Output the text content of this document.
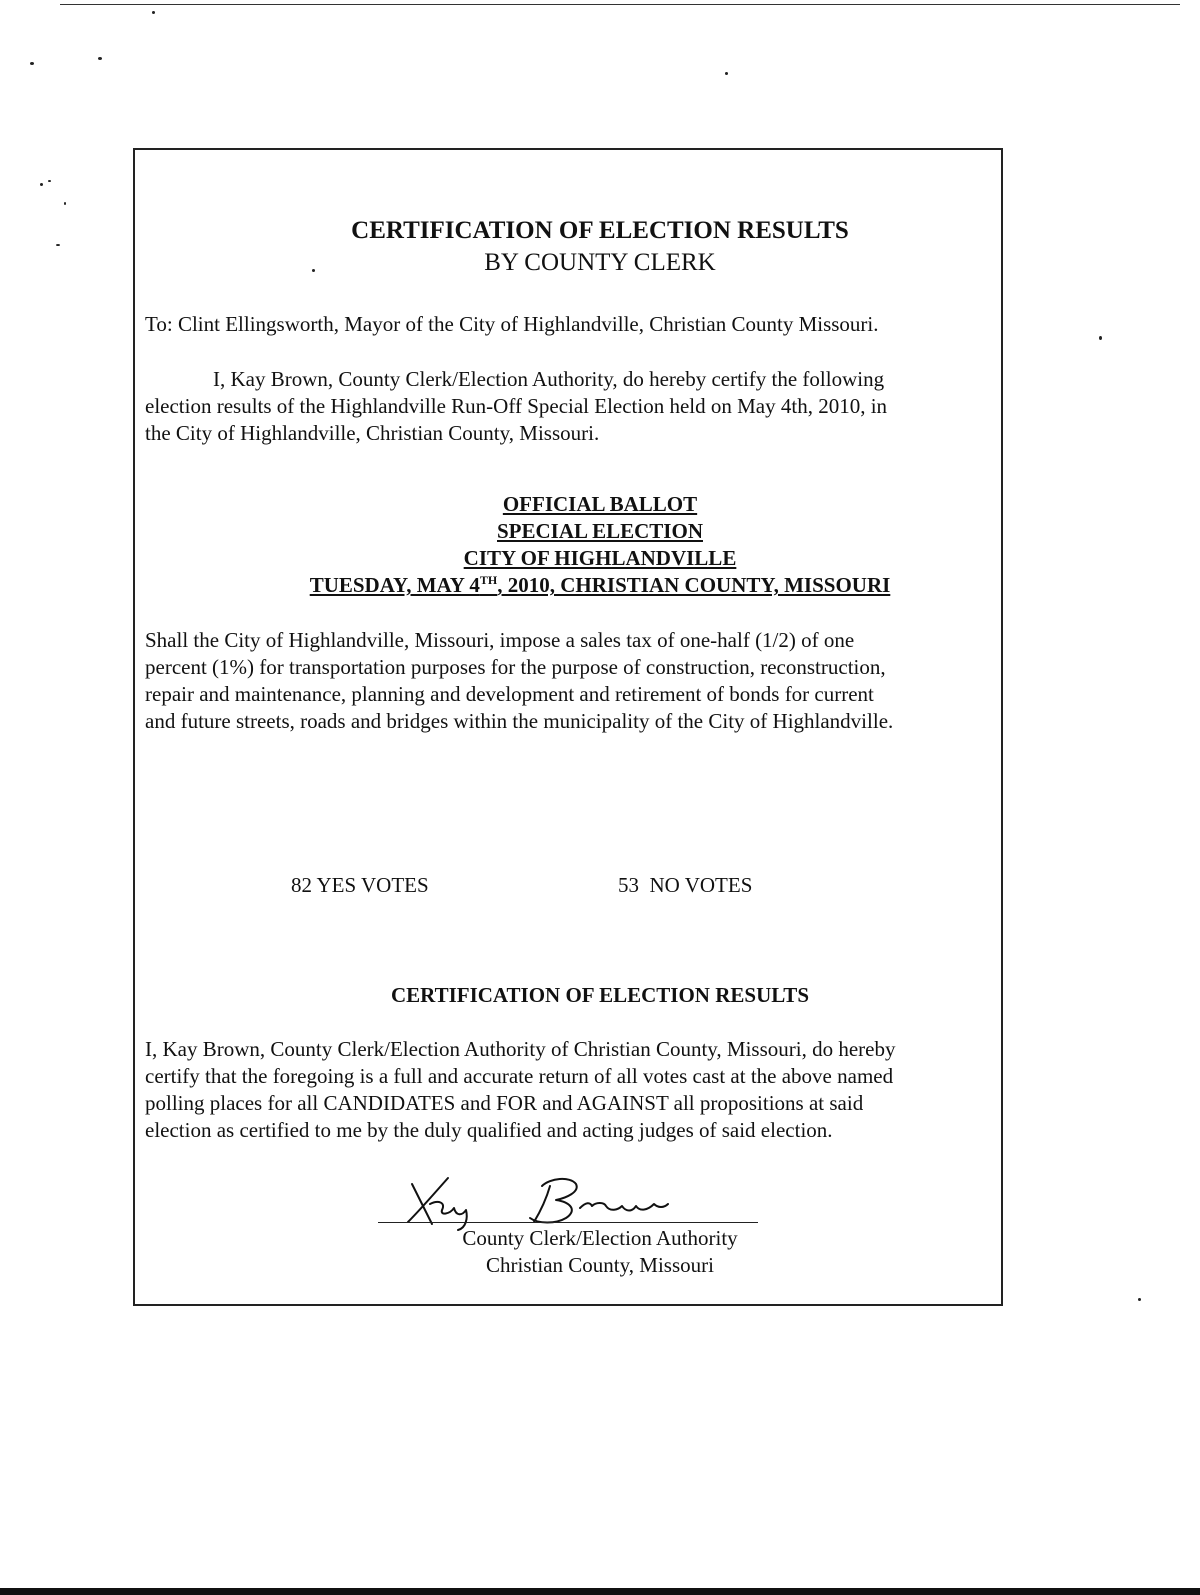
CERTIFICATION OF ELECTION RESULTS
BY COUNTY CLERK
To: Clint Ellingsworth, Mayor of the City of Highlandville, Christian County Missouri.
I, Kay Brown, County Clerk/Election Authority, do hereby certify the following
election results of the Highlandville Run-Off Special Election held on May 4th, 2010, in
the City of Highlandville, Christian County, Missouri.
OFFICIAL BALLOT
SPECIAL ELECTION
CITY OF HIGHLANDVILLE
TUESDAY, MAY 4TH, 2010, CHRISTIAN COUNTY, MISSOURI
Shall the City of Highlandville, Missouri, impose a sales tax of one-half (1/2) of one
percent (1%) for transportation purposes for the purpose of construction, reconstruction,
repair and maintenance, planning and development and retirement of bonds for current
and future streets, roads and bridges within the municipality of the City of Highlandville.
82 YES VOTES	53  NO VOTES
CERTIFICATION OF ELECTION RESULTS
I, Kay Brown, County Clerk/Election Authority of Christian County, Missouri, do hereby
certify that the foregoing is a full and accurate return of all votes cast at the above named
polling places for all CANDIDATES and FOR and AGAINST all propositions at said
election as certified to me by the duly qualified and acting judges of said election.
County Clerk/Election Authority
Christian County, Missouri
